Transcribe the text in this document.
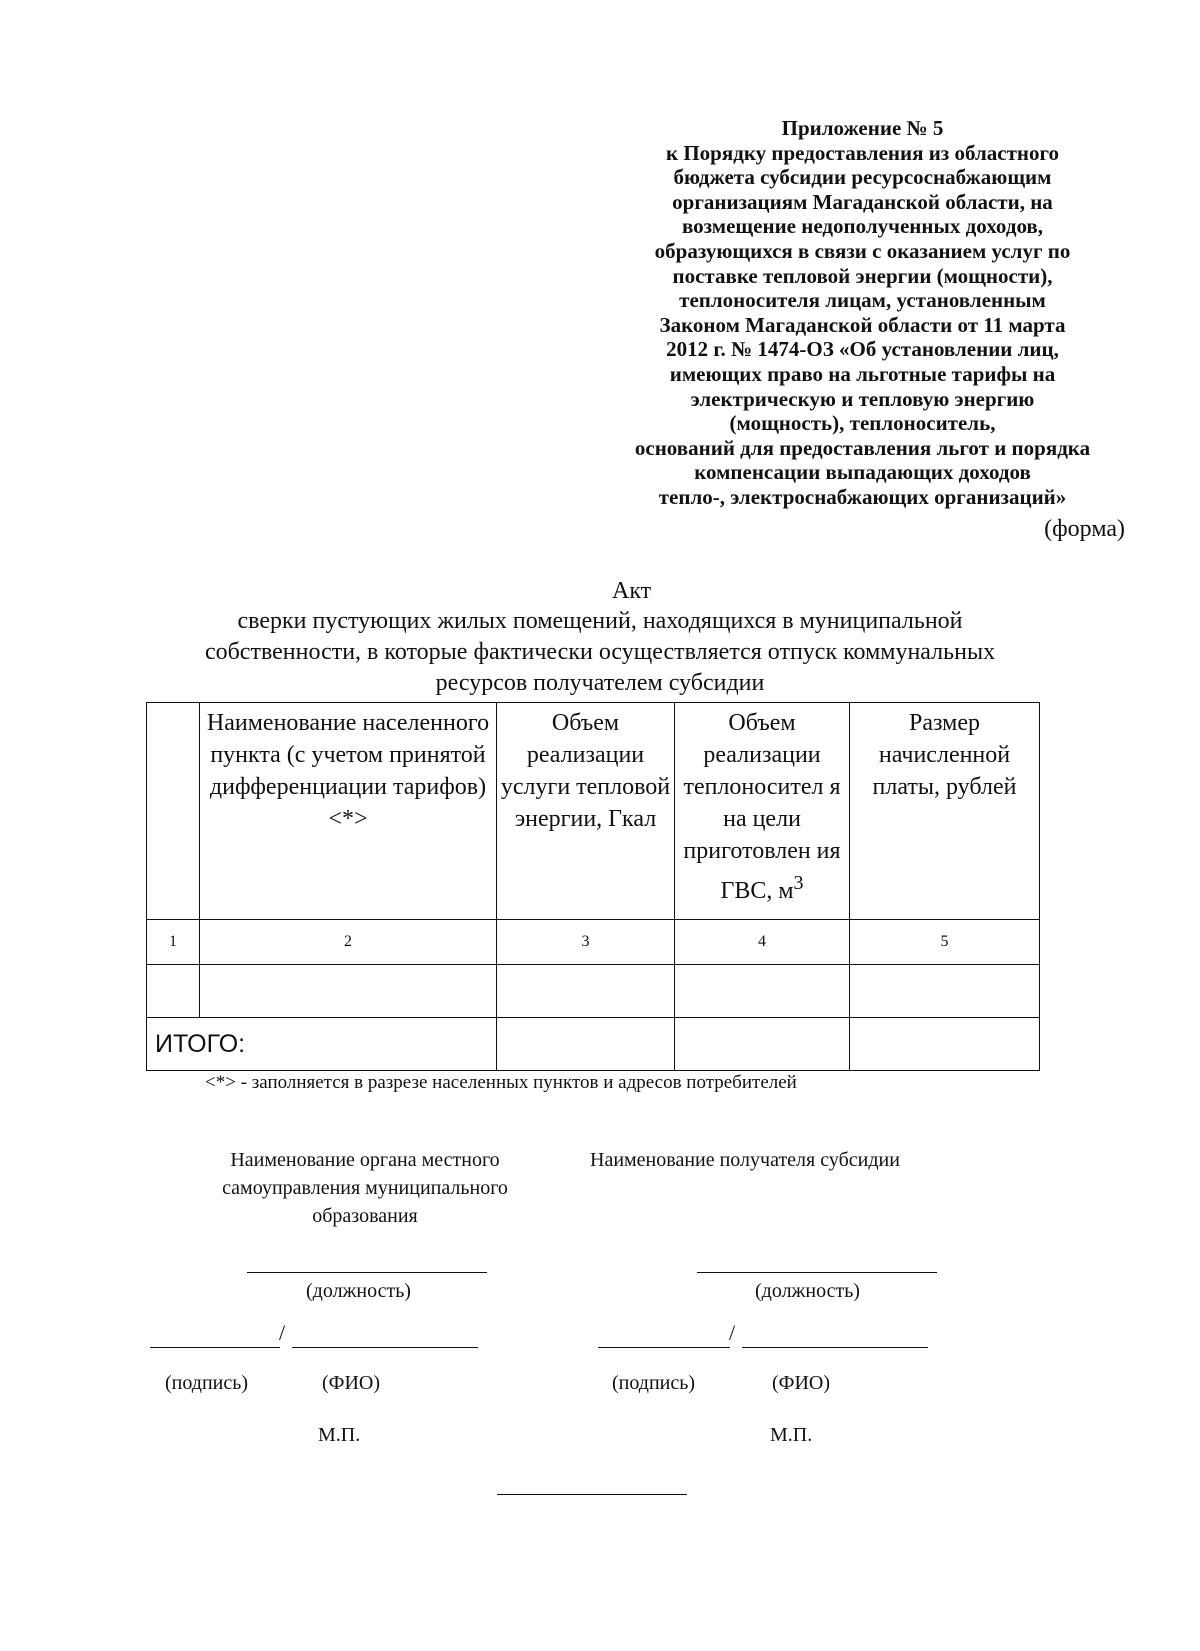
Приложение № 5
к Порядку предоставления из областного
бюджета субсидии ресурсоснабжающим
организациям Магаданской области, на
возмещение недополученных доходов,
образующихся в связи с оказанием услуг по
поставке тепловой энергии (мощности),
теплоносителя лицам, установленным
Законом Магаданской области от 11 марта
2012 г. № 1474-ОЗ «Об установлении лиц,
имеющих право на льготные тарифы на
электрическую и тепловую энергию
(мощность), теплоноситель,
оснований для предоставления льгот и порядка
компенсации выпадающих доходов
тепло-, электроснабжающих организаций»
(форма)
Акт
сверки пустующих жилых помещений, находящихся в муниципальной
собственности, в которые фактически осуществляется отпуск коммунальных
ресурсов получателем субсидии
	Наименование населенного пункта (с учетом принятой дифференциации тарифов) <*>	Объем реализации услуги тепловой энергии, Гкал	Объем реализации теплоносител я на цели приготовлен ия ГВС, $м^3$	Размер начисленной платы, рублей
1	2	3	4	5

ИТОГО:				
<*> - заполняется в разрезе населенных пунктов и адресов потребителей
Наименование органа местного
самоуправления муниципального
образования
(должность)
/
(подпись)	(ФИО)
М.П.
Наименование получателя субсидии
(должность)
/
(подпись)	(ФИО)
М.П.
